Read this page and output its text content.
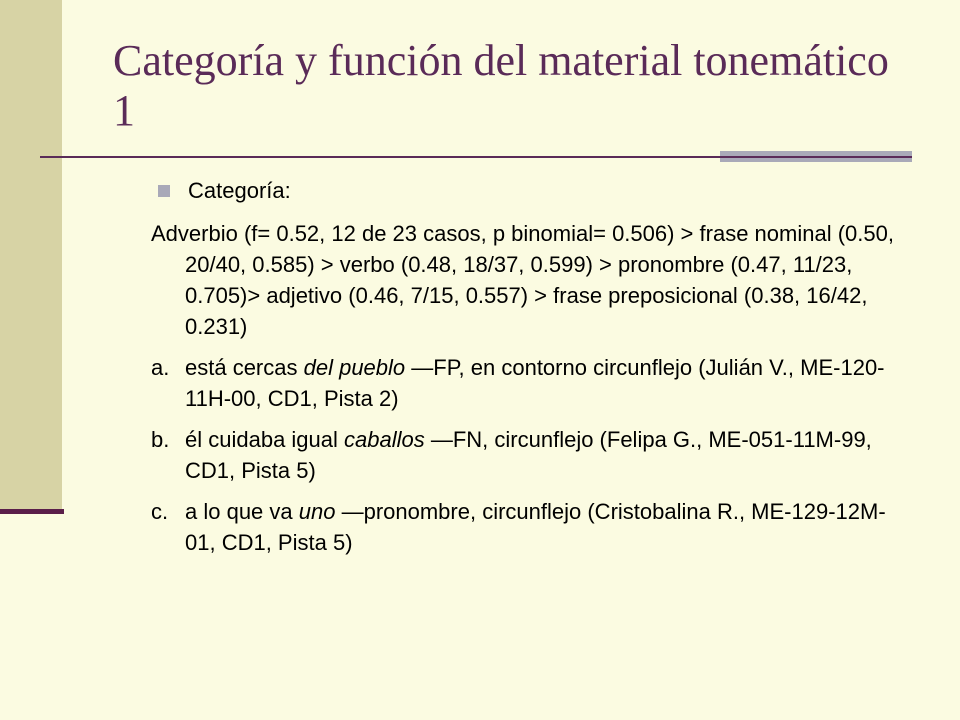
Categoría y función del material tonemático 1
Categoría:
Adverbio (f= 0.52, 12 de 23 casos, p binomial= 0.506) > frase nominal (0.50, 20/40, 0.585) > verbo (0.48, 18/37, 0.599) > pronombre (0.47, 11/23, 0.705)> adjetivo (0.46, 7/15, 0.557) > frase preposicional (0.38, 16/42, 0.231)
a. está cercas del pueblo —FP, en contorno circunflejo (Julián V., ME-120-11H-00, CD1, Pista 2)
b. él cuidaba igual caballos —FN, circunflejo (Felipa G., ME-051-11M-99, CD1, Pista 5)
c. a lo que va uno —pronombre, circunflejo (Cristobalina R., ME-129-12M-01, CD1, Pista 5)
